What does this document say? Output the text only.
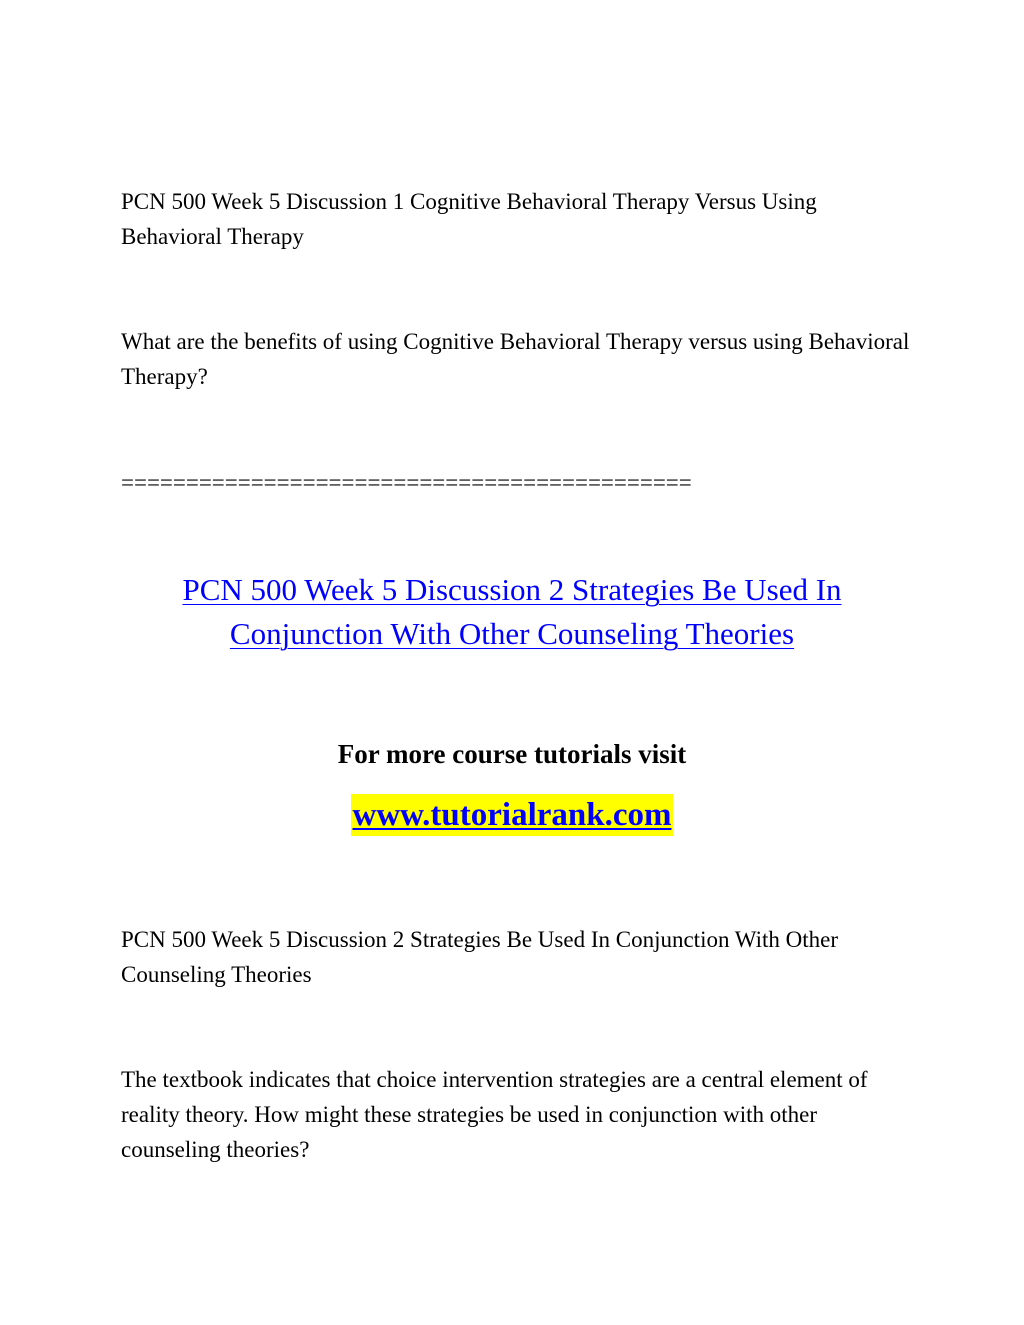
PCN 500 Week 5 Discussion 1 Cognitive Behavioral Therapy Versus Using Behavioral Therapy

What are the benefits of using Cognitive Behavioral Therapy versus using Behavioral Therapy?

============================================

PCN 500 Week 5 Discussion 2 Strategies Be Used In Conjunction With Other Counseling Theories
For more course tutorials visit
www.tutorialrank.com

PCN 500 Week 5 Discussion 2 Strategies Be Used In Conjunction With Other Counseling Theories

The textbook indicates that choice intervention strategies are a central element of reality theory. How might these strategies be used in conjunction with other counseling theories?
